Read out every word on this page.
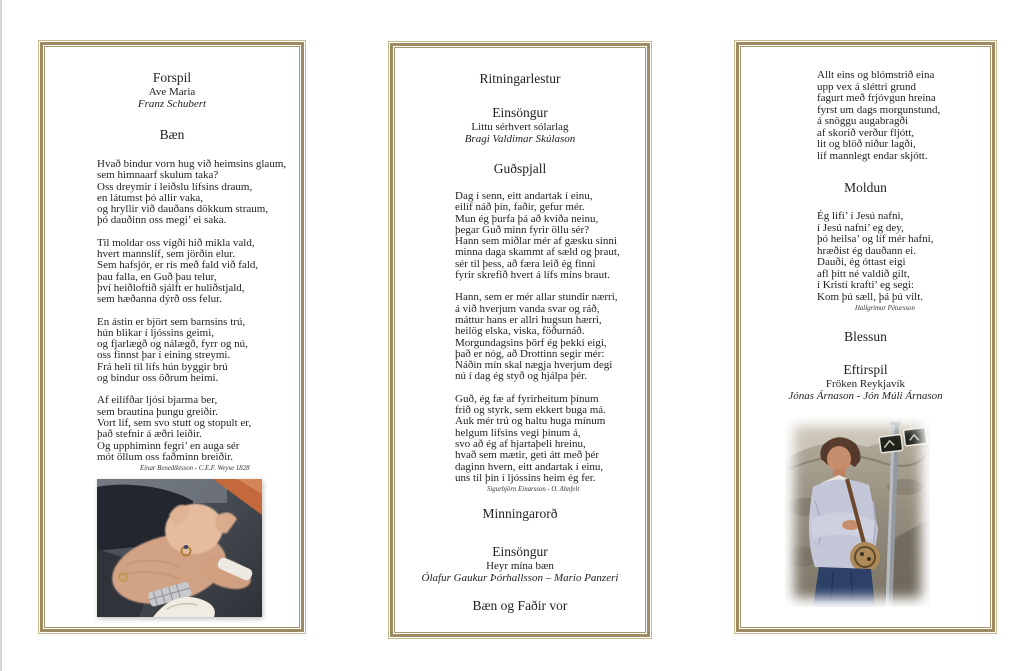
Forspil
Ave Maria
Franz Schubert
Bæn
Hvað bindur vorn hug við heimsins glaum,
sem himnaarf skulum taka?
Oss dreymir í leiðslu lífsins draum,
en látumst þó allir vaka,
og hryllir við dauðans dökkum straum,
þó dauðinn oss megi’ ei saka.
Til moldar oss vígði hið mikla vald,
hvert mannslíf, sem jörðin elur.
Sem hafsjór, er rís með fald við fald,
þau falla, en Guð þau telur,
því heiðloftið sjálft er huliðstjald,
sem hæðanna dýrð oss felur.
En ástin er björt sem barnsins trú,
hún blikar í ljóssins geimi,
og fjarlægð og nálægð, fyrr og nú,
oss finnst þar í eining streymi.
Frá heli til lífs hún byggir brú
og bindur oss öðrum heimi.
Af eilífðar ljósi bjarma ber,
sem brautina þungu greiðir.
Vort líf, sem svo stutt og stopult er,
það stefnir á æðri leiðir.
Og upphiminn fegri’ en auga sér
mót öllum oss faðminn breiðir.
Einar Benediktsson - C.E.F. Weyse 1828
Ritningarlestur
Einsöngur
Littu sérhvert sólarlag
Bragi Valdimar Skúlason
Guðspjall
Dag í senn, eitt andartak í einu,
eilíf náð þín, faðir, gefur mér.
Mun ég þurfa þá að kvíða neinu,
þegar Guð minn fyrir öllu sér?
Hann sem miðlar mér af gæsku sinni
minna daga skammt af sæld og þraut,
sér til þess, að færa leið ég finni
fyrir skrefið hvert á lífs míns braut.
Hann, sem er mér allar stundir nærri,
á við hverjum vanda svar og ráð,
máttur hans er allri hugsun hærri,
heilög elska, viska, föðurnáð.
Morgundagsins þörf ég þekki eigi,
það er nóg, að Drottinn segir mér:
Náðin mín skal nægja hverjum degi
nú í dag ég styð og hjálpa þér.
Guð, ég fæ af fyrirheitum þínum
frið og styrk, sem ekkert buga má.
Auk mér trú og haltu huga mínum
helgum lífsins vegi þínum á,
svo að ég af hjartaþeli hreinu,
hvað sem mætir, geti átt með þér
daginn hvern, eitt andartak í einu,
uns til þín í ljóssins heim ég fer.
Sigurbjörn Einarsson - O. Ahnfelt
Minningarorð
Einsöngur
Heyr mína bæn
Ólafur Gaukur Þórhallsson – Mario Panzeri
Bæn og Faðir vor
Allt eins og blómstrið eina
upp vex á sléttri grund
fagurt með frjóvgun hreina
fyrst um dags morgunstund,
á snöggu augabragði
af skorið verður fljótt,
lit og blöð niður lagði,
líf mannlegt endar skjótt.
Moldun
Ég lifi’ í Jesú nafni,
í Jesú nafni’ eg dey,
þó heilsa’ og líf mér hafni,
hræðist ég dauðann ei.
Dauði, ég óttast eigi
afl þitt né valdið gilt,
í Kristí krafti’ eg segi:
Kom þú sæll, þá þú vilt.
Hallgrímur Pétursson
Blessun
Eftirspil
Fröken Reykjavík
Jónas Árnason - Jón Múli Árnason
